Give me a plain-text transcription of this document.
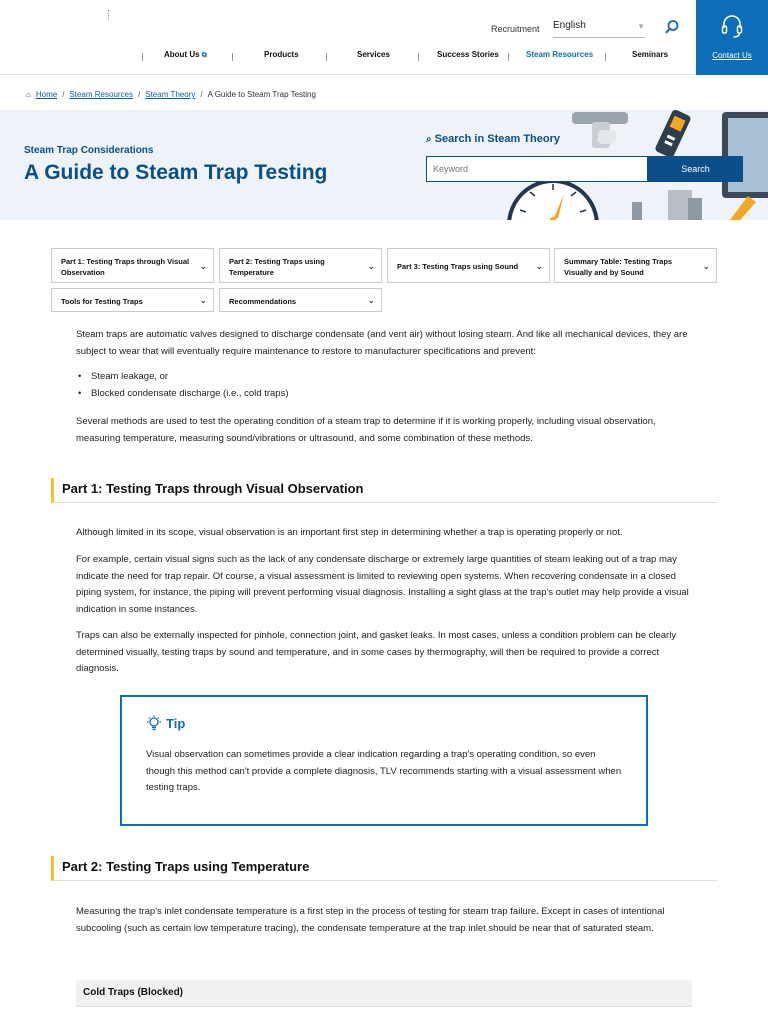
Recruitment English	▼
Contact Us
About Us ⧉	Products	Services	Success Stories	Steam Resources	Seminars
⌂ Home / Steam Resources / Steam Theory / A Guide to Steam Trap Testing
Steam Trap Considerations
A Guide to Steam Trap Testing
⌕ Search in Steam Theory
Keyword
Search
Part 1: Testing Traps through Visual Observation
⌄	Part 2: Testing Traps using Temperature
⌄	Part 3: Testing Traps using Sound ⌄	Summary Table: Testing Traps Visually and by Sound
⌄
Tools for Testing Traps	⌄	Recommendations	⌄

Steam traps are automatic valves designed to discharge condensate (and vent air) without losing steam. And like all mechanical devices, they are subject to wear that will eventually require maintenance to restore to manufacturer specifications and prevent:

• Steam leakage, or
• Blocked condensate discharge (i.e., cold traps)

Several methods are used to test the operating condition of a steam trap to determine if it is working properly, including visual observation, measuring temperature, measuring sound/vibrations or ultrasound, and some combination of these methods.

Part 1: Testing Traps through Visual Observation

Although limited in its scope, visual observation is an important first step in determining whether a trap is operating properly or not.

For example, certain visual signs such as the lack of any condensate discharge or extremely large quantities of steam leaking out of a trap may indicate the need for trap repair. Of course, a visual assessment is limited to reviewing open systems. When recovering condensate in a closed piping system, for instance, the piping will prevent performing visual diagnosis. Installing a sight glass at the trap's outlet may help provide a visual indication in some instances.

Traps can also be externally inspected for pinhole, connection joint, and gasket leaks. In most cases, unless a condition problem can be clearly determined visually, testing traps by sound and temperature, and in some cases by thermography, will then be required to provide a correct diagnosis.

Tip

Visual observation can sometimes provide a clear indication regarding a trap's operating condition, so even though this method can't provide a complete diagnosis, TLV recommends starting with a visual assessment when testing traps.

Part 2: Testing Traps using Temperature

Measuring the trap's inlet condensate temperature is a first step in the process of testing for steam trap failure. Except in cases of intentional subcooling (such as certain low temperature tracing), the condensate temperature at the trap inlet should be near that of saturated steam.

Cold Traps (Blocked)
